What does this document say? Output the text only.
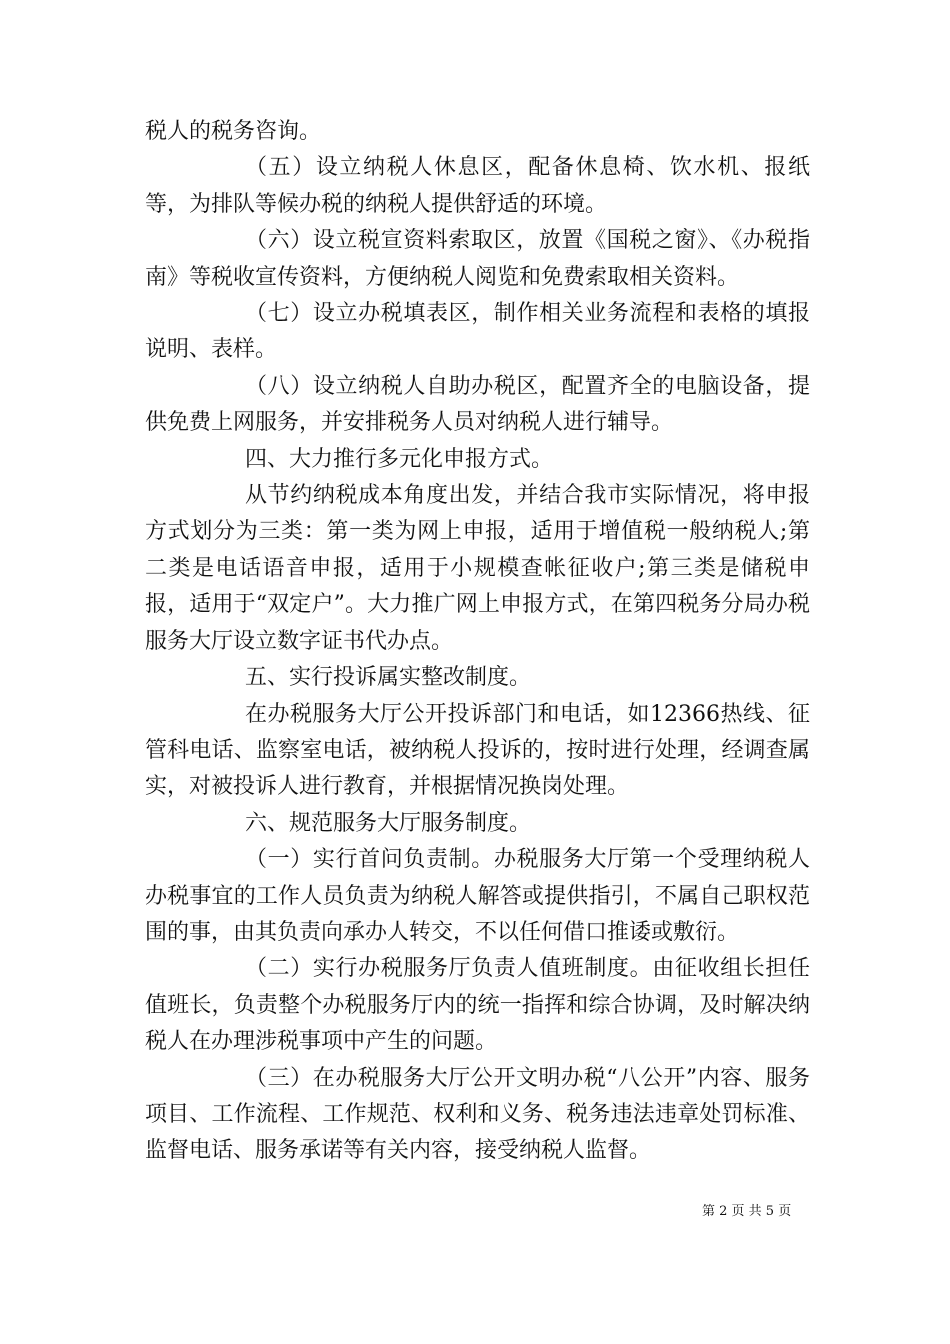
税人的税务咨询。

（五）设立纳税人休息区，配备休息椅、饮水机、报纸等，为排队等候办税的纳税人提供舒适的环境。

（六）设立税宣资料索取区，放置《国税之窗》、《办税指南》等税收宣传资料，方便纳税人阅览和免费索取相关资料。

（七）设立办税填表区，制作相关业务流程和表格的填报说明、表样。

（八）设立纳税人自助办税区，配置齐全的电脑设备，提供免费上网服务，并安排税务人员对纳税人进行辅导。

四、大力推行多元化申报方式。

从节约纳税成本角度出发，并结合我市实际情况，将申报方式划分为三类：第一类为网上申报，适用于增值税一般纳税人;第二类是电话语音申报，适用于小规模查帐征收户;第三类是储税申报，适用于“双定户”。大力推广网上申报方式，在第四税务分局办税服务大厅设立数字证书代办点。

五、实行投诉属实整改制度。

在办税服务大厅公开投诉部门和电话，如12366热线、征管科电话、监察室电话，被纳税人投诉的，按时进行处理，经调查属实，对被投诉人进行教育，并根据情况换岗处理。

六、规范服务大厅服务制度。

（一）实行首问负责制。办税服务大厅第一个受理纳税人办税事宜的工作人员负责为纳税人解答或提供指引，不属自己职权范围的事，由其负责向承办人转交，不以任何借口推诿或敷衍。

（二）实行办税服务厅负责人值班制度。由征收组长担任值班长，负责整个办税服务厅内的统一指挥和综合协调，及时解决纳税人在办理涉税事项中产生的问题。

（三）在办税服务大厅公开文明办税“八公开”内容、服务项目、工作流程、工作规范、权利和义务、税务违法违章处罚标准、监督电话、服务承诺等有关内容，接受纳税人监督。

第 2 页 共 5 页
